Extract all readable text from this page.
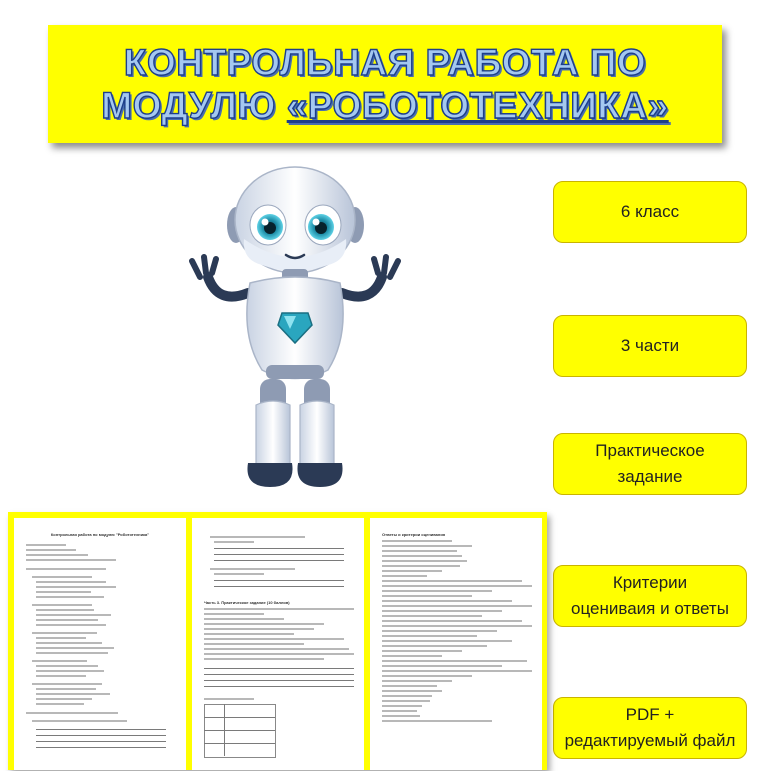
КОНТРОЛЬНАЯ РАБОТА ПО
МОДУЛЮ «РОБОТОТЕХНИКА»
6 класс
3 части
Практическое
задание
Критерии
оцениваия и ответы
PDF +
редактируемый файл
Контрольная работа по модулю "Робототехника"
Часть 3. Практическое задание (10 баллов)
Ответы и критерии оценивания
